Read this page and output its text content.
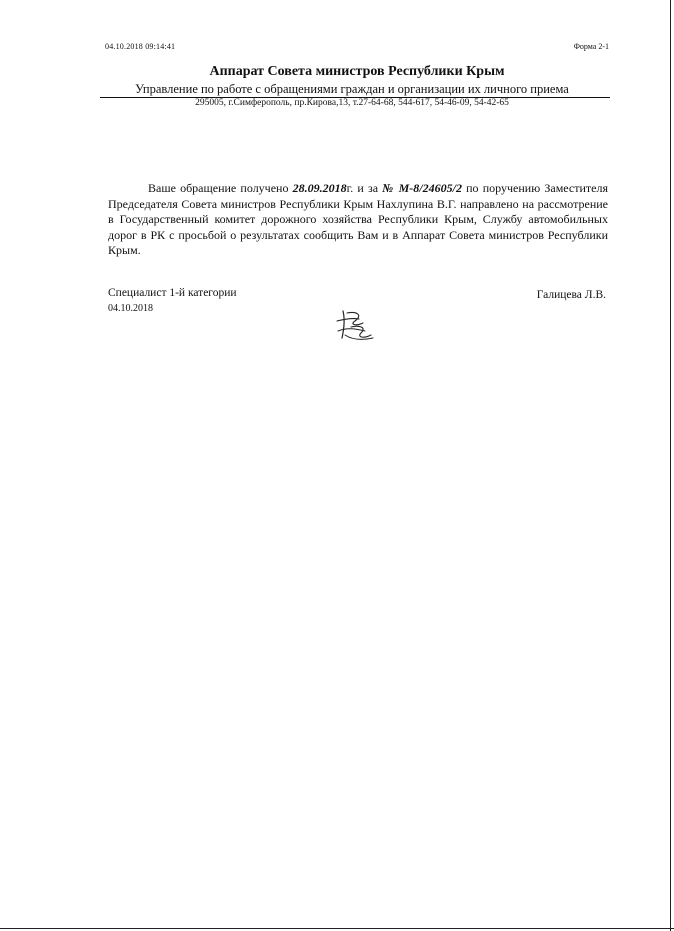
04.10.2018 09:14:41	Форма 2-1
Аппарат Совета министров Республики Крым
Управление по работе с обращениями граждан и организации их личного приема
295005, г.Симферополь, пр.Кирова,13, т.27-64-68, 544-617, 54-46-09, 54-42-65
Ваше обращение получено 28.09.2018г. и за № М-8/24605/2 по поручению Заместителя Председателя Совета министров Республики Крым Нахлупина В.Г. направлено на рассмотрение в Государственный комитет дорожного хозяйства Республики Крым, Службу автомобильных дорог в РК с просьбой о результатах сообщить Вам и в Аппарат Совета министров Республики Крым.
Специалист 1-й категории
04.10.2018
Галицева Л.В.
